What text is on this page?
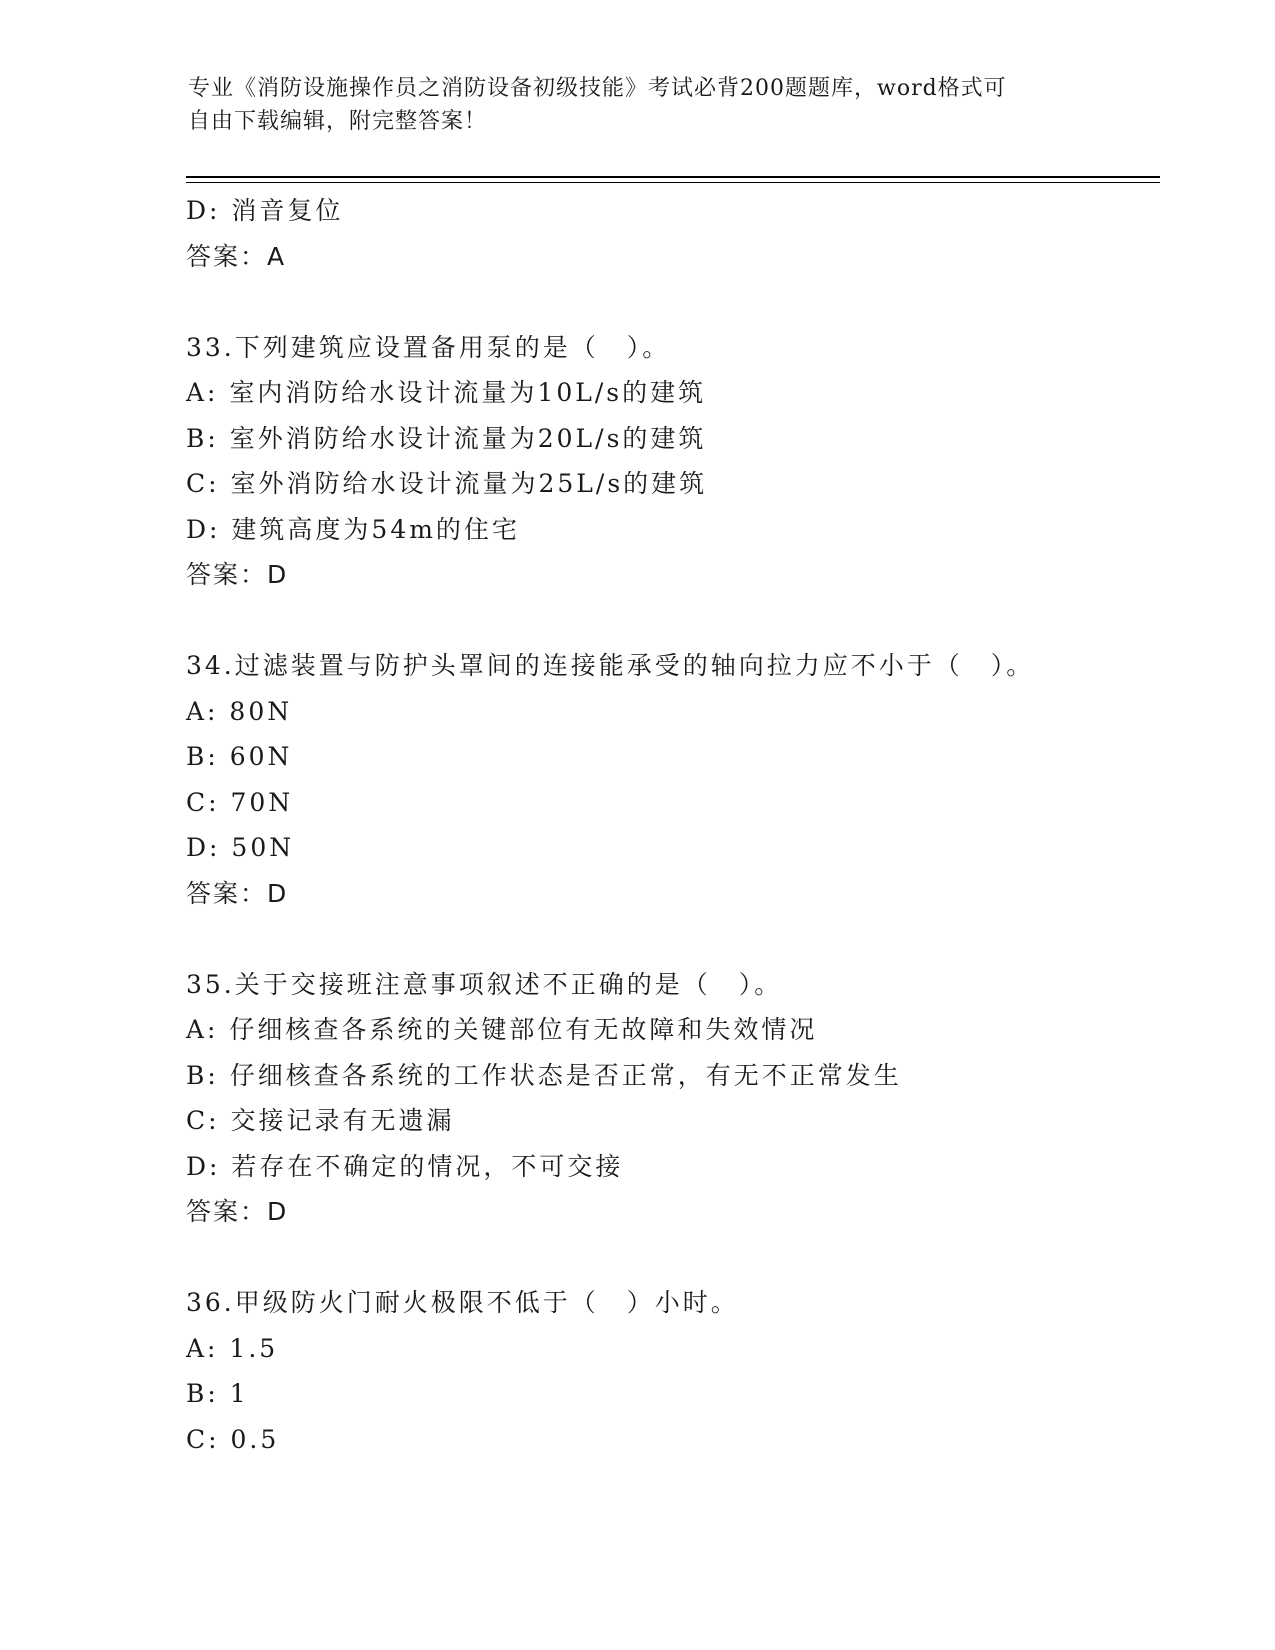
专业《消防设施操作员之消防设备初级技能》考试必背200题题库，word格式可
自由下载编辑，附完整答案！
D: 消音复位
答案：A
33.下列建筑应设置备用泵的是（　）。
A: 室内消防给水设计流量为10L/s的建筑
B: 室外消防给水设计流量为20L/s的建筑
C: 室外消防给水设计流量为25L/s的建筑
D: 建筑高度为54m的住宅
答案：D
34.过滤装置与防护头罩间的连接能承受的轴向拉力应不小于（　）。
A: 80N
B: 60N
C: 70N
D: 50N
答案：D
35.关于交接班注意事项叙述不正确的是（　）。
A: 仔细核查各系统的关键部位有无故障和失效情况
B: 仔细核查各系统的工作状态是否正常，有无不正常发生
C: 交接记录有无遗漏
D: 若存在不确定的情况，不可交接
答案：D
36.甲级防火门耐火极限不低于（　）小时。
A: 1.5
B: 1
C: 0.5
